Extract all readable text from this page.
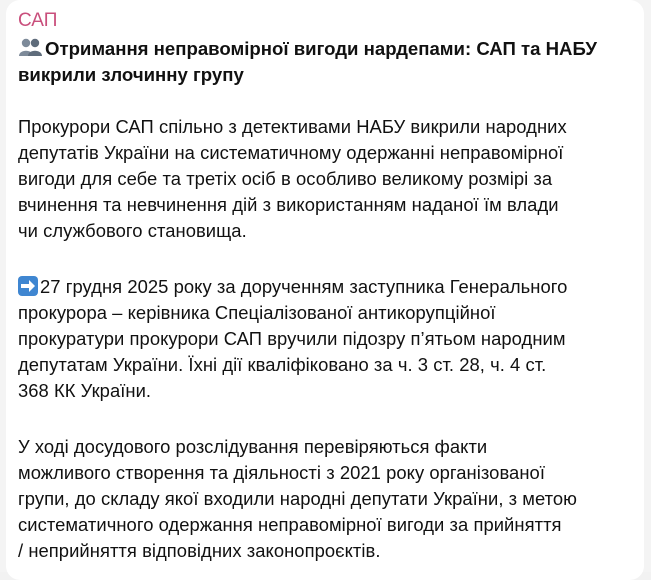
САП
Отримання неправомірної вигоди нардепами: САП та НАБУ
викрили злочинну групу
Прокурори САП спільно з детективами НАБУ викрили народних
депутатів України на систематичному одержанні неправомірної
вигоди для себе та третіх осіб в особливо великому розмірі за
вчинення та невчинення дій з використанням наданої їм влади
чи службового становища.
27 грудня 2025 року за дорученням заступника Генерального
прокурора – керівника Спеціалізованої антикорупційної
прокуратури прокурори САП вручили підозру п’ятьом народним
депутатам України. Їхні дії кваліфіковано за ч. 3 ст. 28, ч. 4 ст.
368 КК України.
У ході досудового розслідування перевіряються факти
можливого створення та діяльності з 2021 року організованої
групи, до складу якої входили народні депутати України, з метою
систематичного одержання неправомірної вигоди за прийняття
/ неприйняття відповідних законопроєктів.
